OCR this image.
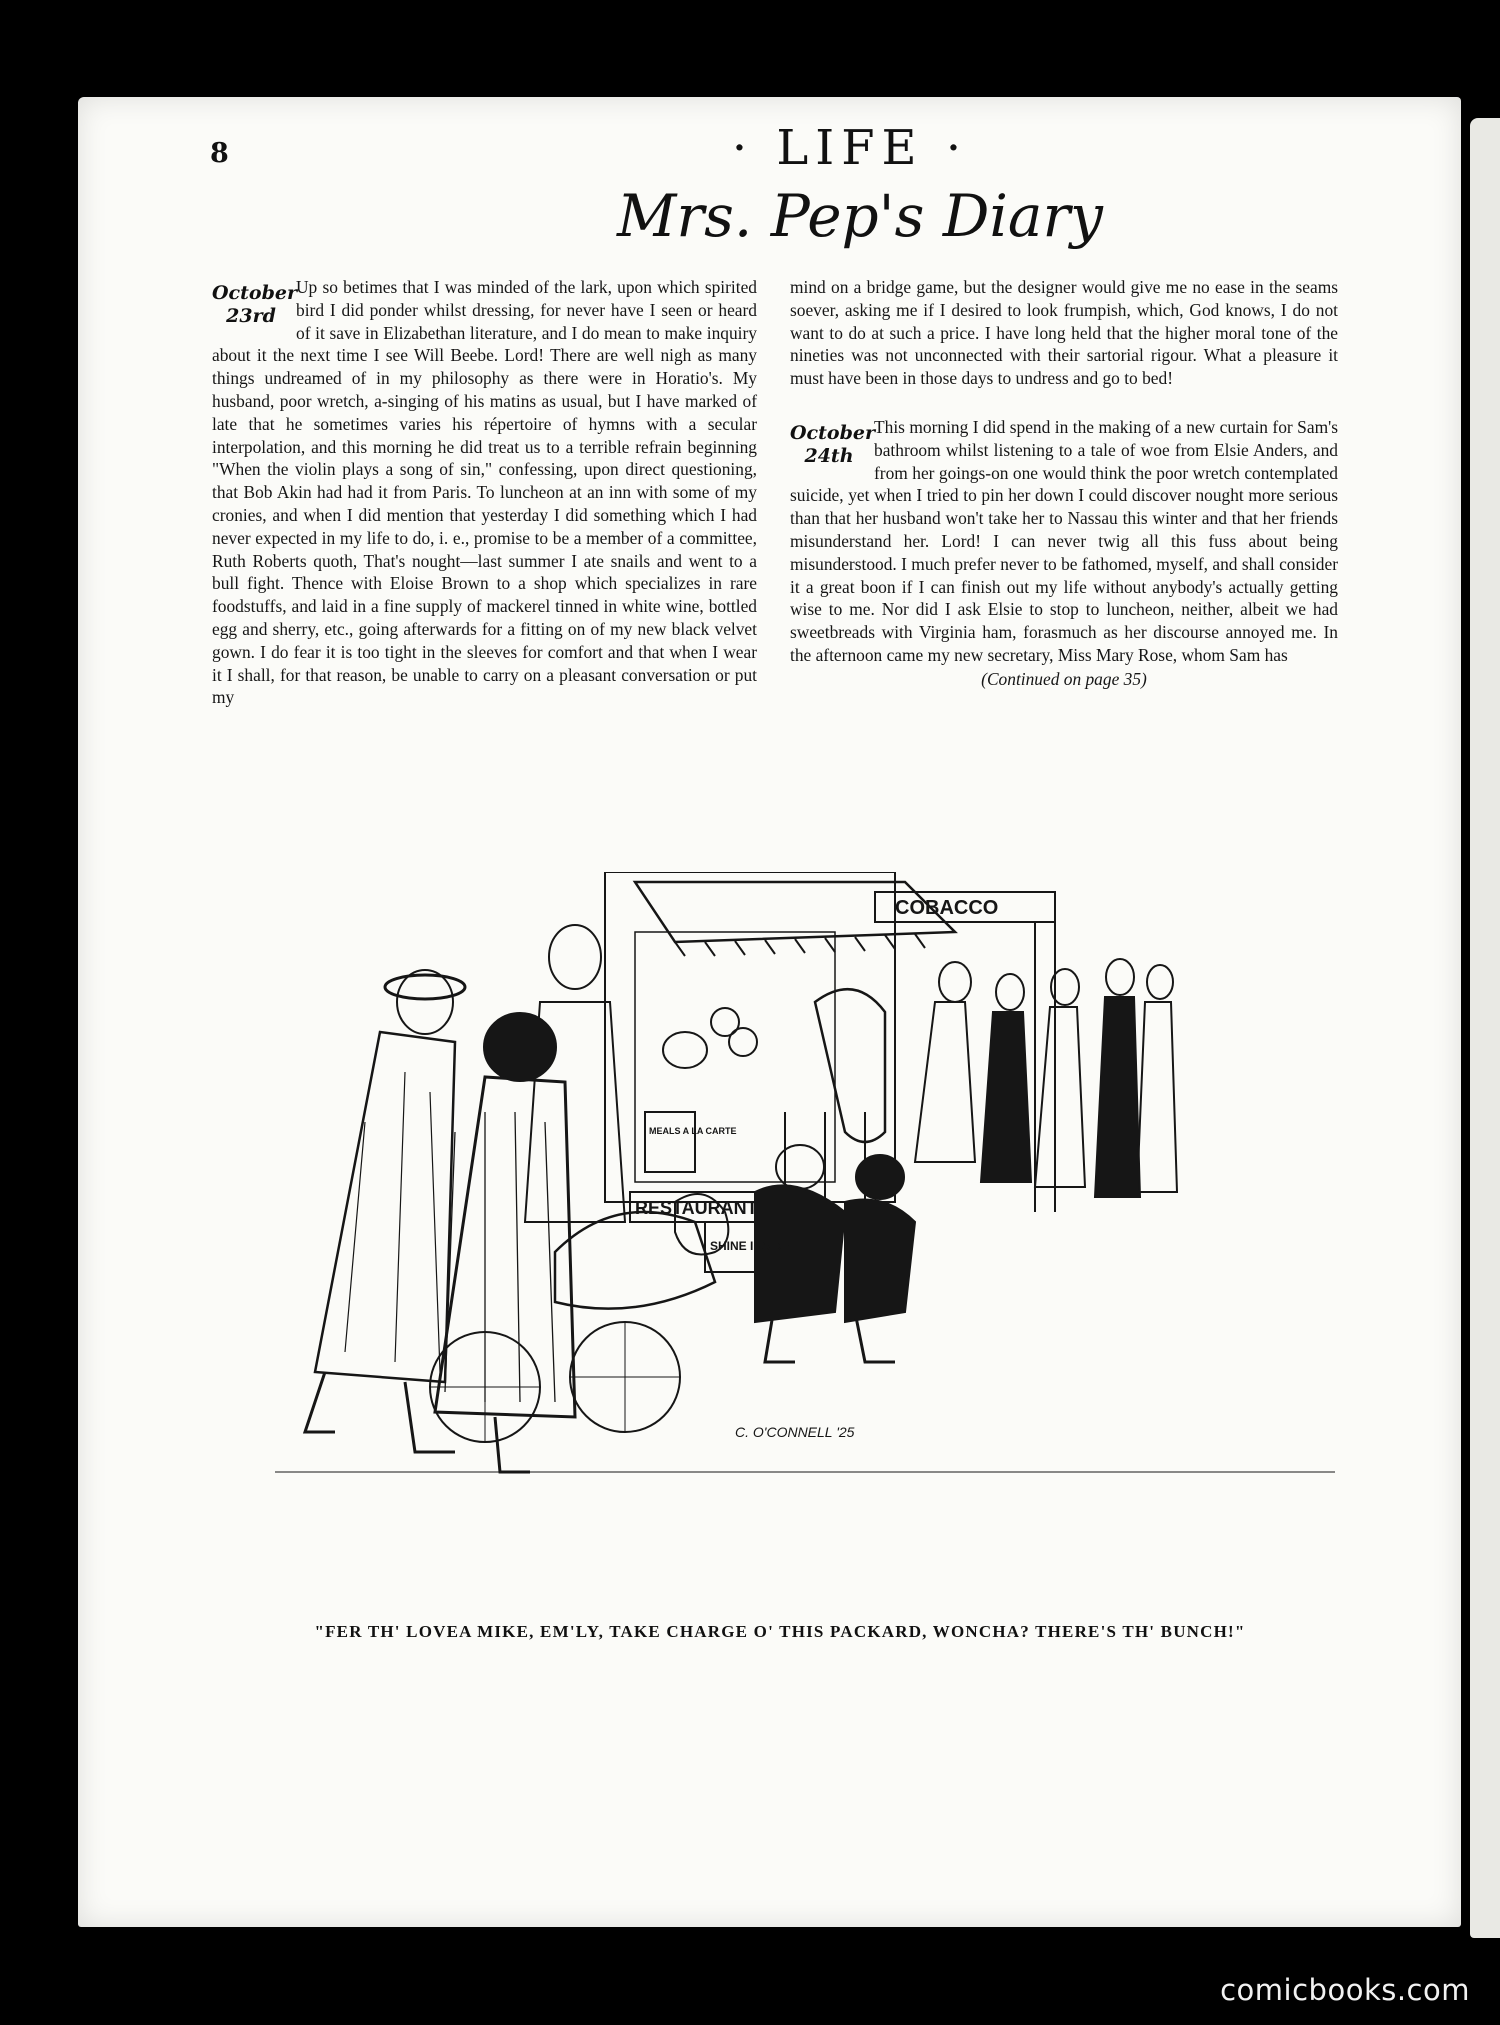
8	· LIFE ·
Mrs. Pep's Diary
October
23rd

Up so betimes that I was minded of the lark, upon which spirited bird I did ponder whilst dressing, for never have I seen or heard of it save in Elizabethan literature, and I do mean to make inquiry about it the next time I see Will Beebe. Lord! There are well nigh as many things undreamed of in my philosophy as there were in Horatio's. My husband, poor wretch, a-singing of his matins as usual, but I have marked of late that he sometimes varies his répertoire of hymns with a secular interpolation, and this morning he did treat us to a terrible refrain beginning "When the violin plays a song of sin," confessing, upon direct questioning, that Bob Akin had had it from Paris. To luncheon at an inn with some of my cronies, and when I did mention that yesterday I did something which I had never expected in my life to do, i. e., promise to be a member of a committee, Ruth Roberts quoth, That's nought—last summer I ate snails and went to a bull fight. Thence with Eloise Brown to a shop which specializes in rare foodstuffs, and laid in a fine supply of mackerel tinned in white wine, bottled egg and sherry, etc., going afterwards for a fitting on of my new black velvet gown. I do fear it is too tight in the sleeves for comfort and that when I wear it I shall, for that reason, be unable to carry on a pleasant conversation or put my

mind on a bridge game, but the designer would give me no ease in the seams soever, asking me if I desired to look frumpish, which, God knows, I do not want to do at such a price. I have long held that the higher moral tone of the nineties was not unconnected with their sartorial rigour. What a pleasure it must have been in those days to undress and go to bed!

October
24th

This morning I did spend in the making of a new curtain for Sam's bathroom whilst listening to a tale of woe from Elsie Anders, and from her goings-on one would think the poor wretch contemplated suicide, yet when I tried to pin her down I could discover nought more serious than that her husband won't take her to Nassau this winter and that her friends misunderstand her. Lord! I can never twig all this fuss about being misunderstood. I much prefer never to be fathomed, myself, and shall consider it a great boon if I can finish out my life without anybody's actually getting wise to me. Nor did I ask Elsie to stop to luncheon, neither, albeit we had sweetbreads with Virginia ham, forasmuch as her discourse annoyed me. In the afternoon came my new secretary, Miss Mary Rose, whom Sam has

(Continued on page 35)
COBACCO
RESTAURANT
MEALS A LA CARTE
SHINE INSIDE
C. O'CONNELL '25
"FER TH' LOVEA MIKE, EM'LY, TAKE CHARGE O' THIS PACKARD, WONCHA? THERE'S TH' BUNCH!"
comicbooks.com
